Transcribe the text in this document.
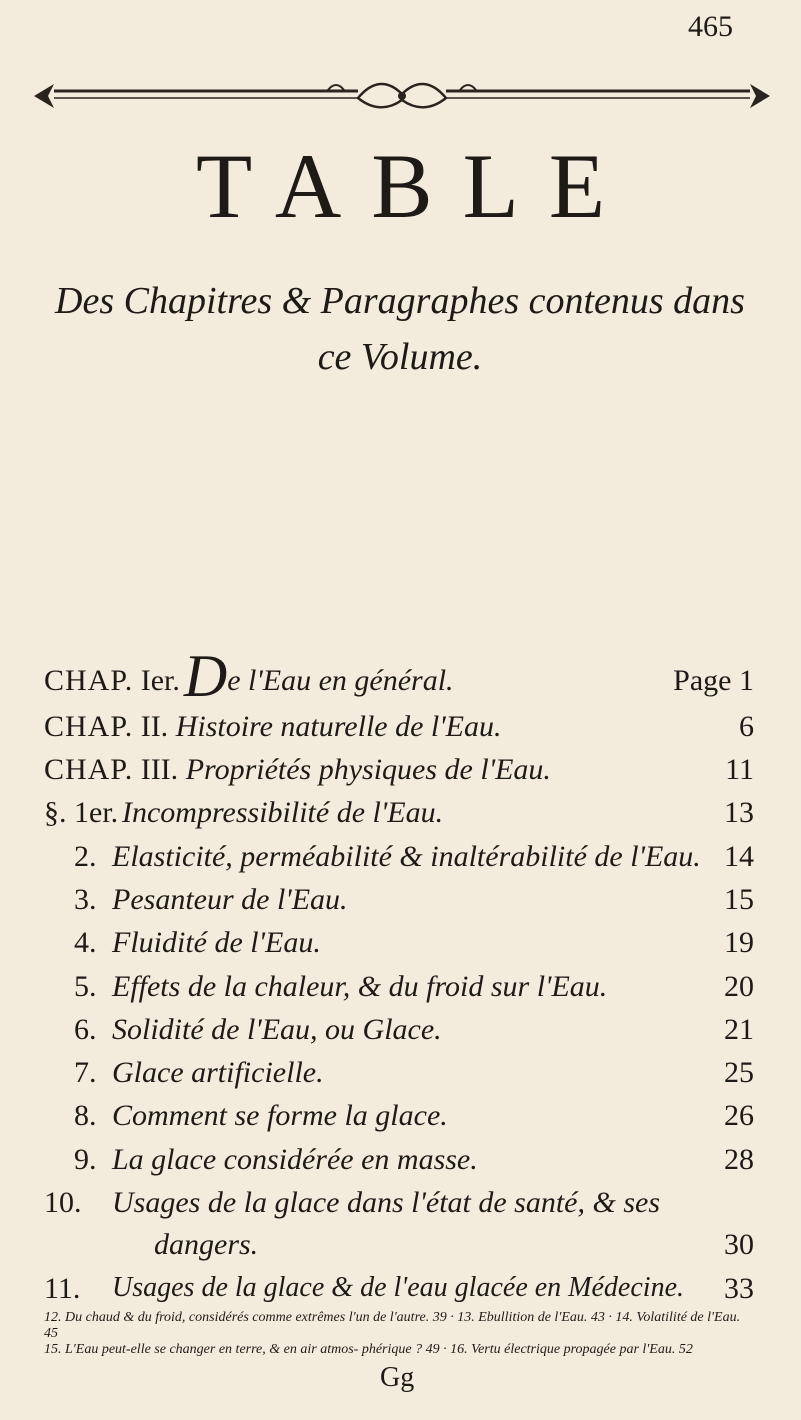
465
TABLE
Des Chapitres & Paragraphes contenus dans ce Volume.
CHAP. Ier.De l'Eau en général.	Page 1
CHAP. II. Histoire naturelle de l'Eau.	6
CHAP. III. Propriétés physiques de l'Eau.	11
§. 1er. Incompressibilité de l'Eau.	13
2. Elasticité, perméabilité & inaltérabilité de l'Eau. 14
3. Pesanteur de l'Eau.	15
4. Fluidité de l'Eau.	19
5. Effets de la chaleur, & du froid sur l'Eau.	20
6. Solidité de l'Eau, ou Glace.	21
7. Glace artificielle.	25
8. Comment se forme la glace.	26
9. La glace considérée en masse.	28
10. Usages de la glace dans l'état de santé, & ses
dangers.	30
11. Usages de la glace & de l'eau glacée en Médecine. 33
12. Du chaud & du froid, considérés comme extrêmes l'un de l'autre. 39 · 13. Ebullition de l'Eau. 43 · 14. Volatilité de l'Eau. 45
15. L'Eau peut-elle se changer en terre, & en air atmos- phérique ? 49 · 16. Vertu électrique propagée par l'Eau. 52
Gg
